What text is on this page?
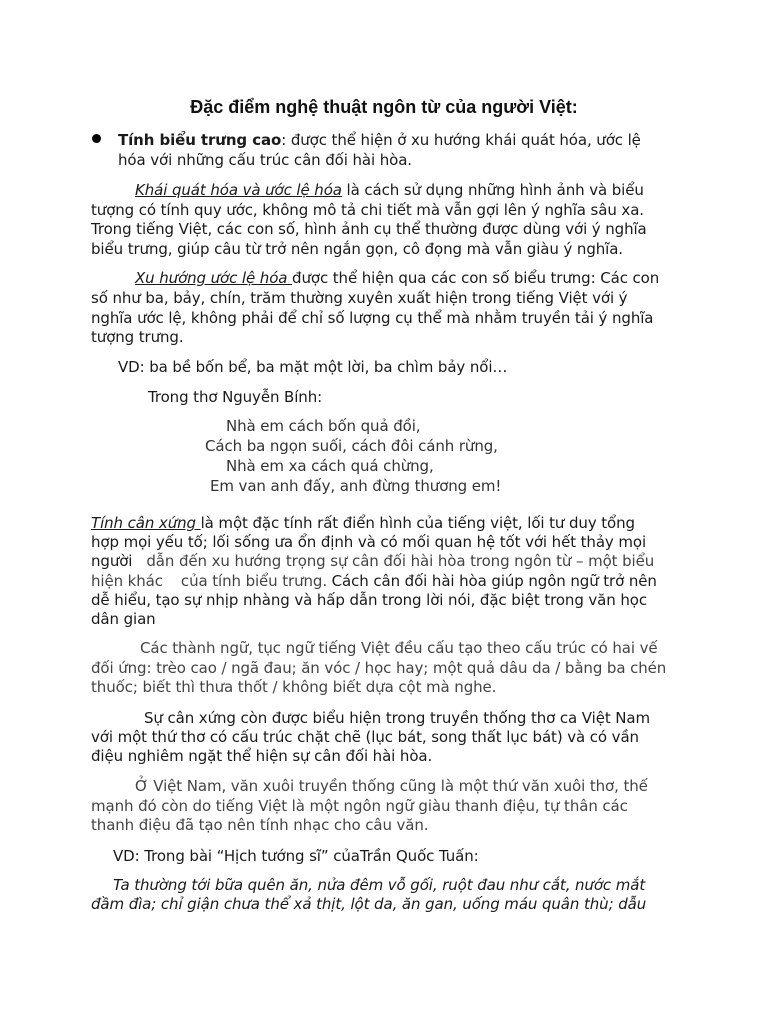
Đặc điểm nghệ thuật ngôn từ của người Việt:
Tính biểu trưng cao: được thể hiện ở xu hướng khái quát hóa, ước lệ
hóa với những cấu trúc cân đối hài hòa.
Khái quát hóa và ước lệ hóa là cách sử dụng những hình ảnh và biểu
tượng có tính quy ước, không mô tả chi tiết mà vẫn gợi lên ý nghĩa sâu xa.
Trong tiếng Việt, các con số, hình ảnh cụ thể thường được dùng với ý nghĩa
biểu trưng, giúp câu từ trở nên ngắn gọn, cô đọng mà vẫn giàu ý nghĩa.
Xu hướng ước lệ hóa được thể hiện qua các con số biểu trưng: Các con
số như ba, bảy, chín, trăm thường xuyên xuất hiện trong tiếng Việt với ý
nghĩa ước lệ, không phải để chỉ số lượng cụ thể mà nhằm truyền tải ý nghĩa
tượng trưng.
VD: ba bề bốn bể, ba mặt một lời, ba chìm bảy nổi…
Trong thơ Nguyễn Bính:
Nhà em cách bốn quả đồi,
Cách ba ngọn suối, cách đôi cánh rừng,
Nhà em xa cách quá chừng,
Em van anh đấy, anh đừng thương em!
Tính cân xứng là một đặc tính rất điển hình của tiếng việt, lối tư duy tổng
hợp mọi yếu tố; lối sống ưa ổn định và có mối quan hệ tốt với hết thảy mọi
người dẫn đến xu hướng trọng sự cân đối hài hòa trong ngôn từ – một biểu
hiện khác của tính biểu trưng. Cách cân đối hài hòa giúp ngôn ngữ trở nên
dễ hiểu, tạo sự nhịp nhàng và hấp dẫn trong lời nói, đặc biệt trong văn học
dân gian
Các thành ngữ, tục ngữ tiếng Việt đều cấu tạo theo cấu trúc có hai vế
đối ứng: trèo cao / ngã đau; ăn vóc / học hay; một quả dâu da / bằng ba chén
thuốc; biết thì thưa thốt / không biết dựa cột mà nghe.
Sự cân xứng còn được biểu hiện trong truyền thống thơ ca Việt Nam
với một thứ thơ có cấu trúc chặt chẽ (lục bát, song thất lục bát) và có vần
điệu nghiêm ngặt thể hiện sự cân đối hài hòa.
Ở Việt Nam, văn xuôi truyền thống cũng là một thứ văn xuôi thơ, thế
mạnh đó còn do tiếng Việt là một ngôn ngữ giàu thanh điệu, tự thân các
thanh điệu đã tạo nên tính nhạc cho câu văn.
VD: Trong bài “Hịch tướng sĩ” củaTrần Quốc Tuấn:
Ta thường tới bữa quên ăn, nửa đêm vỗ gối, ruột đau như cắt, nước mắt
đầm đìa; chỉ giận chưa thể xả thịt, lột da, ăn gan, uống máu quân thù; dẫu
